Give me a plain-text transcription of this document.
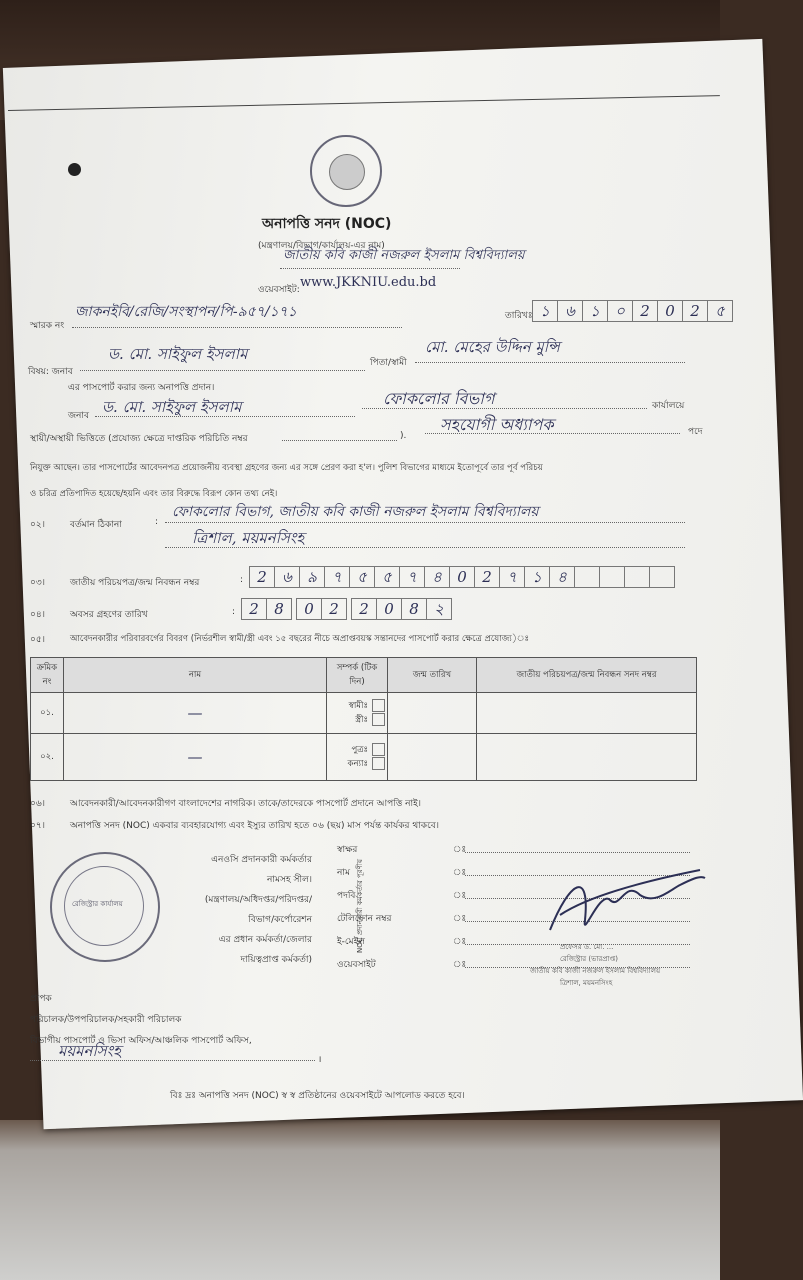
অনাপত্তি সনদ (NOC)
(মন্ত্রণালয়/বিভাগ/কার্যালয়-এর নাম)
জাতীয় কবি কাজী নজরুল ইসলাম বিশ্ববিদ্যালয়
ওয়েবসাইট: www.JKKNIU.edu.bd
স্মারক নং
জাকনইবি/রেজি/সংস্থাপন/পি-৯৫৭/১৭১	তারিখঃ ১	৬	১	০	2	0	2	৫
বিষয়: জনাব
ড. মো. সাইফুল ইসলাম	পিতা/স্বামী
মো. মেহের উদ্দিন মুন্সি
এর পাসপোর্ট করার জন্য অনাপত্তি প্রদান।
জনাব ড. মো. সাইফুল ইসলাম	ফোকলোর বিভাগ	কার্যালয়ে
স্থায়ী/অস্থায়ী ভিত্তিতে (প্রযোজ্য ক্ষেত্রে দাপ্তরিক পরিচিতি নম্বর	).
সহযোগী অধ্যাপক	পদে
নিযুক্ত আছেন। তার পাসপোর্টের আবেদনপত্র প্রয়োজনীয় ব্যবস্থা গ্রহণের জন্য এর সঙ্গে প্রেরণ করা হ'ল। পুলিশ বিভাগের মাধ্যমে ইতোপূর্বে তার পূর্ব পরিচয়
ও চরিত্র প্রতিপাদিত হয়েছে/হয়নি এবং তার বিরুদ্ধে বিরূপ কোন তথ্য নেই।
০২।	বর্তমান ঠিকানা	:
ফোকলোর বিভাগ, জাতীয় কবি কাজী নজরুল ইসলাম বিশ্ববিদ্যালয়
ত্রিশাল, ময়মনসিংহ
০৩।	জাতীয় পরিচয়পত্র/জন্ম নিবন্ধন নম্বর	: 2	৬	৯	৭	৫	৫	৭	৪	0	2	৭	১	৪
০৪।	অবসর গ্রহণের তারিখ	: 2	8	0	2	2	0	8	২
০৫।	আবেদনকারীর পরিবারবর্গের বিবরণ (নির্ভরশীল স্বামী/স্ত্রী এবং ১৫ বছরের নীচে অপ্রাপ্তবয়স্ক সন্তানদের পাসপোর্ট করার ক্ষেত্রে প্রযোজ্য)ঃ
ক্রমিক নং	নাম	সম্পর্ক (টিক দিন)	জন্ম তারিখ	জাতীয় পরিচয়পত্র/জন্ম নিবন্ধন সনদ নম্বর
০১.	—	স্বামীঃ
স্ত্রীঃ		

০২.	—	পুত্রঃ
কন্যাঃ		

০৬।	আবেদনকারী/আবেদনকারীগণ বাংলাদেশের নাগরিক। তাকে/তাদেরকে পাসপোর্ট প্রদানে আপত্তি নাই।
০৭।	অনাপত্তি সনদ (NOC) একবার ব্যবহারযোগ্য এবং ইস্যুর তারিখ হতে ০৬ (ছয়) মাস পর্যন্ত কার্যকর থাকবে।
এনওসি প্রদানকারী কর্মকর্তার
নামসহ সীল।
(মন্ত্রণালয়/অধিদপ্তর/পরিদপ্তর/
বিভাগ/কর্পোরেশন
এর প্রধান কর্মকর্তা/জেলার
দায়িত্বপ্রাপ্ত কর্মকর্তা)
NOC প্রদানকারী কর্মকর্তার পূরণীয়
স্বাক্ষর	ঃ
নাম	ঃ
পদবি	ঃ
টেলিফোন নম্বর	ঃ
ই-মেইল	ঃ
ওয়েবসাইট	ঃ
রেজিস্ট্রার কার্যালয়
প্রফেসর ড. মো. ...
রেজিস্ট্রার (ভারপ্রাপ্ত)
জাতীয় কবি কাজী নজরুল ইসলাম বিশ্ববিদ্যালয়
ত্রিশাল, ময়মনসিংহ
প্রাপক
পরিচালক/উপপরিচালক/সহকারী পরিচালক
বিভাগীয় পাসপোর্ট ও ভিসা অফিস/আঞ্চলিক পাসপোর্ট অফিস,
ময়মনসিংহ	।
বিঃ দ্রঃ অনাপত্তি সনদ (NOC) স্ব স্ব প্রতিষ্ঠানের ওয়েবসাইটে আপলোড করতে হবে।
